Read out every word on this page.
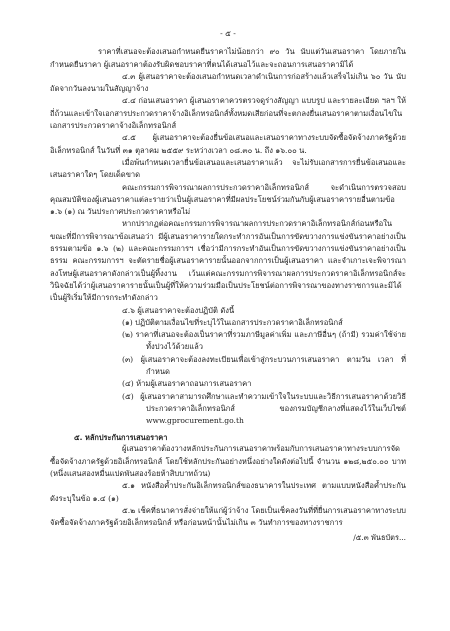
- ๕ -

ราคาที่เสนอจะต้องเสนอกำหนดยืนราคาไม่น้อยกว่า ๙๐ วัน นับแต่วันเสนอราคา โดยภายในกำหนดยืนราคา ผู้เสนอราคาต้องรับผิดชอบราคาที่ตนได้เสนอไว้และจะถอนการเสนอราคามิได้

๔.๓ ผู้เสนอราคาจะต้องเสนอกำหนดเวลาดำเนินการก่อสร้างแล้วเสร็จไม่เกิน ๖๐ วัน นับถัดจากวันลงนามในสัญญาจ้าง

๔.๔ ก่อนเสนอราคา ผู้เสนอราคาควรตรวจดูร่างสัญญา แบบรูป และรายละเอียด ฯลฯ ให้ถี่ถ้วนและเข้าใจเอกสารประกวดราคาจ้างอิเล็กทรอนิกส์ทั้งหมดเสียก่อนที่จะตกลงยื่นเสนอราคาตามเงื่อนไขในเอกสารประกวดราคาจ้างอิเล็กทรอนิกส์

๔.๕ ผู้เสนอราคาจะต้องยื่นข้อเสนอและเสนอราคาทางระบบจัดซื้อจัดจ้างภาครัฐด้วยอิเล็กทรอนิกส์ ในวันที่ ๓๑ ตุลาคม ๒๕๕๙ ระหว่างเวลา ๐๘.๓๐ น. ถึง ๑๖.๐๐ น.

เมื่อพ้นกำหนดเวลายื่นข้อเสนอและเสนอราคาแล้ว จะไม่รับเอกสารการยื่นข้อเสนอและเสนอราคาใดๆ โดยเด็ดขาด

คณะกรรมการพิจารณาผลการประกวดราคาอิเล็กทรอนิกส์ จะดำเนินการตรวจสอบคุณสมบัติของผู้เสนอราคาแต่ละรายว่าเป็นผู้เสนอราคาที่มีผลประโยชน์ร่วมกันกับผู้เสนอราคารายอื่นตามข้อ ๑.๖ (๑) ณ วันประกาศประกวดราคาหรือไม่

หากปรากฏต่อคณะกรรมการพิจารณาผลการประกวดราคาอิเล็กทรอนิกส์ก่อนหรือในขณะที่มีการพิจารณาข้อเสนอว่า มีผู้เสนอราคารายใดกระทำการอันเป็นการขัดขวางการแข่งขันราคาอย่างเป็นธรรมตามข้อ ๑.๖ (๒) และคณะกรรมการฯ เชื่อว่ามีการกระทำอันเป็นการขัดขวางการแข่งขันราคาอย่างเป็นธรรม คณะกรรมการฯ จะตัดรายชื่อผู้เสนอราคารายนั้นออกจากการเป็นผู้เสนอราคา และจำเกาะเจะพิจารณาลงโทษผู้เสนอราคาดังกล่าวเป็นผู้ทิ้งงาน เว้นแต่คณะกรรมการพิจารณาผลการประกวดราคาอิเล็กทรอนิกส์จะวินิจฉัยได้ว่าผู้เสนอราคารายนั้นเป็นผู้ที่ให้ความร่วมมือเป็นประโยชน์ต่อการพิจารณาของทางราชการและมิได้เป็นผู้ริเริ่มให้มีการกระทำดังกล่าว

๔.๖ ผู้เสนอราคาจะต้องปฏิบัติ ดังนี้

(๑) ปฏิบัติตามเงื่อนไขที่ระบุไว้ในเอกสารประกวดราคาอิเล็กทรอนิกส์

(๒) ราคาที่เสนอจะต้องเป็นราคาที่รวมภาษีมูลค่าเพิ่ม และภาษีอื่นๆ (ถ้ามี) รวมค่าใช้จ่ายทั้งปวงไว้ด้วยแล้ว

(๓) ผู้เสนอราคาจะต้องลงทะเบียนเพื่อเข้าสู่กระบวนการเสนอราคา ตามวัน เวลา ที่กำหนด

(๔) ห้ามผู้เสนอราคาถอนการเสนอราคา

(๕) ผู้เสนอราคาสามารถศึกษาและทำความเข้าใจในระบบและวิธีการเสนอราคาด้วยวิธีประกวดราคาอิเล็กทรอนิกส์ ของกรมบัญชีกลางที่แสดงไว้ในเว็บไซต์ www.gprocurement.go.th

๕. หลักประกันการเสนอราคา

ผู้เสนอราคาต้องวางหลักประกันการเสนอราคาพร้อมกับการเสนอราคาทางระบบการจัดซื้อจัดจ้างภาครัฐด้วยอิเล็กทรอนิกส์ โดยใช้หลักประกันอย่างหนึ่งอย่างใดดังต่อไปนี้ จำนวน ๑๒๘,๒๕๐.๐๐ บาท (หนึ่งแสนสองหมื่นแปดพันสองร้อยห้าสิบบาทถ้วน)

๕.๑ หนังสือค้ำประกันอิเล็กทรอนิกส์ของธนาคารในประเทศ ตามแบบหนังสือค้ำประกัน ดังระบุในข้อ ๑.๔ (๑)

๕.๒ เช็คที่ธนาคารสั่งจ่ายให้แก่ผู้ว่าจ้าง โดยเป็นเช็คลงวันที่ที่ยื่นการเสนอราคาทางระบบจัดซื้อจัดจ้างภาครัฐด้วยอิเล็กทรอนิกส์ หรือก่อนหน้านั้นไม่เกิน ๓ วันทำการของทางราชการ

/๕.๓ พันธบัตร...
